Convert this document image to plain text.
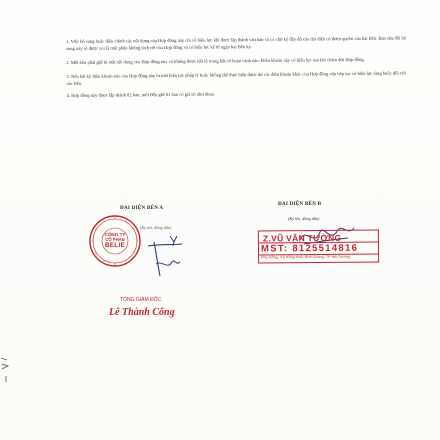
1. Việc bổ sung hoặc điều chỉnh các nội dung của Hợp đồng này chỉ có hiệu lực khi được lập thành văn bản và có chữ ký đầy đủ của đại diện có thẩm quyền của hai Bên. Bản sửa đổi bổ sung này sẽ được coi là một phần không tách rời của Hợp đồng và có hiệu lực kể từ ngày hai Bên ký.

2. Mỗi bên phải giữ bí mật nội dung của Hợp đồng này và không được tiết lộ trong bất cứ hoàn cảnh nào. Điều khoản này có hiệu lực sau khi chấm dứt Hợp đồng.

3. Nếu bất kỳ điều khoản nào của Hợp đồng này bị mất hiệu lực pháp lý hoặc không thể thực hiện được thì các điều khoản khác của Hợp đồng vẫn tiếp tục có hiệu lực ràng buộc đối với các Bên.

4. Hợp đồng này được lập thành 02 bản, mỗi Bên giữ 01 bản có giá trị như nhau.

ĐẠI DIỆN BÊN A
(Ký tên, đóng dấu)
CÔNG TY
CỔ PHẦN
BELIE
TỔNG GIÁM ĐỐC
Lê Thành Công
ĐẠI DIỆN BÊN B
(Ký tên, đóng dấu)
Z.VŨ VĂN TƯỜNG
MST: 8125514816
Phú Đông, Xã Hồng Khê, Bình Giang, TP Hải Dương
